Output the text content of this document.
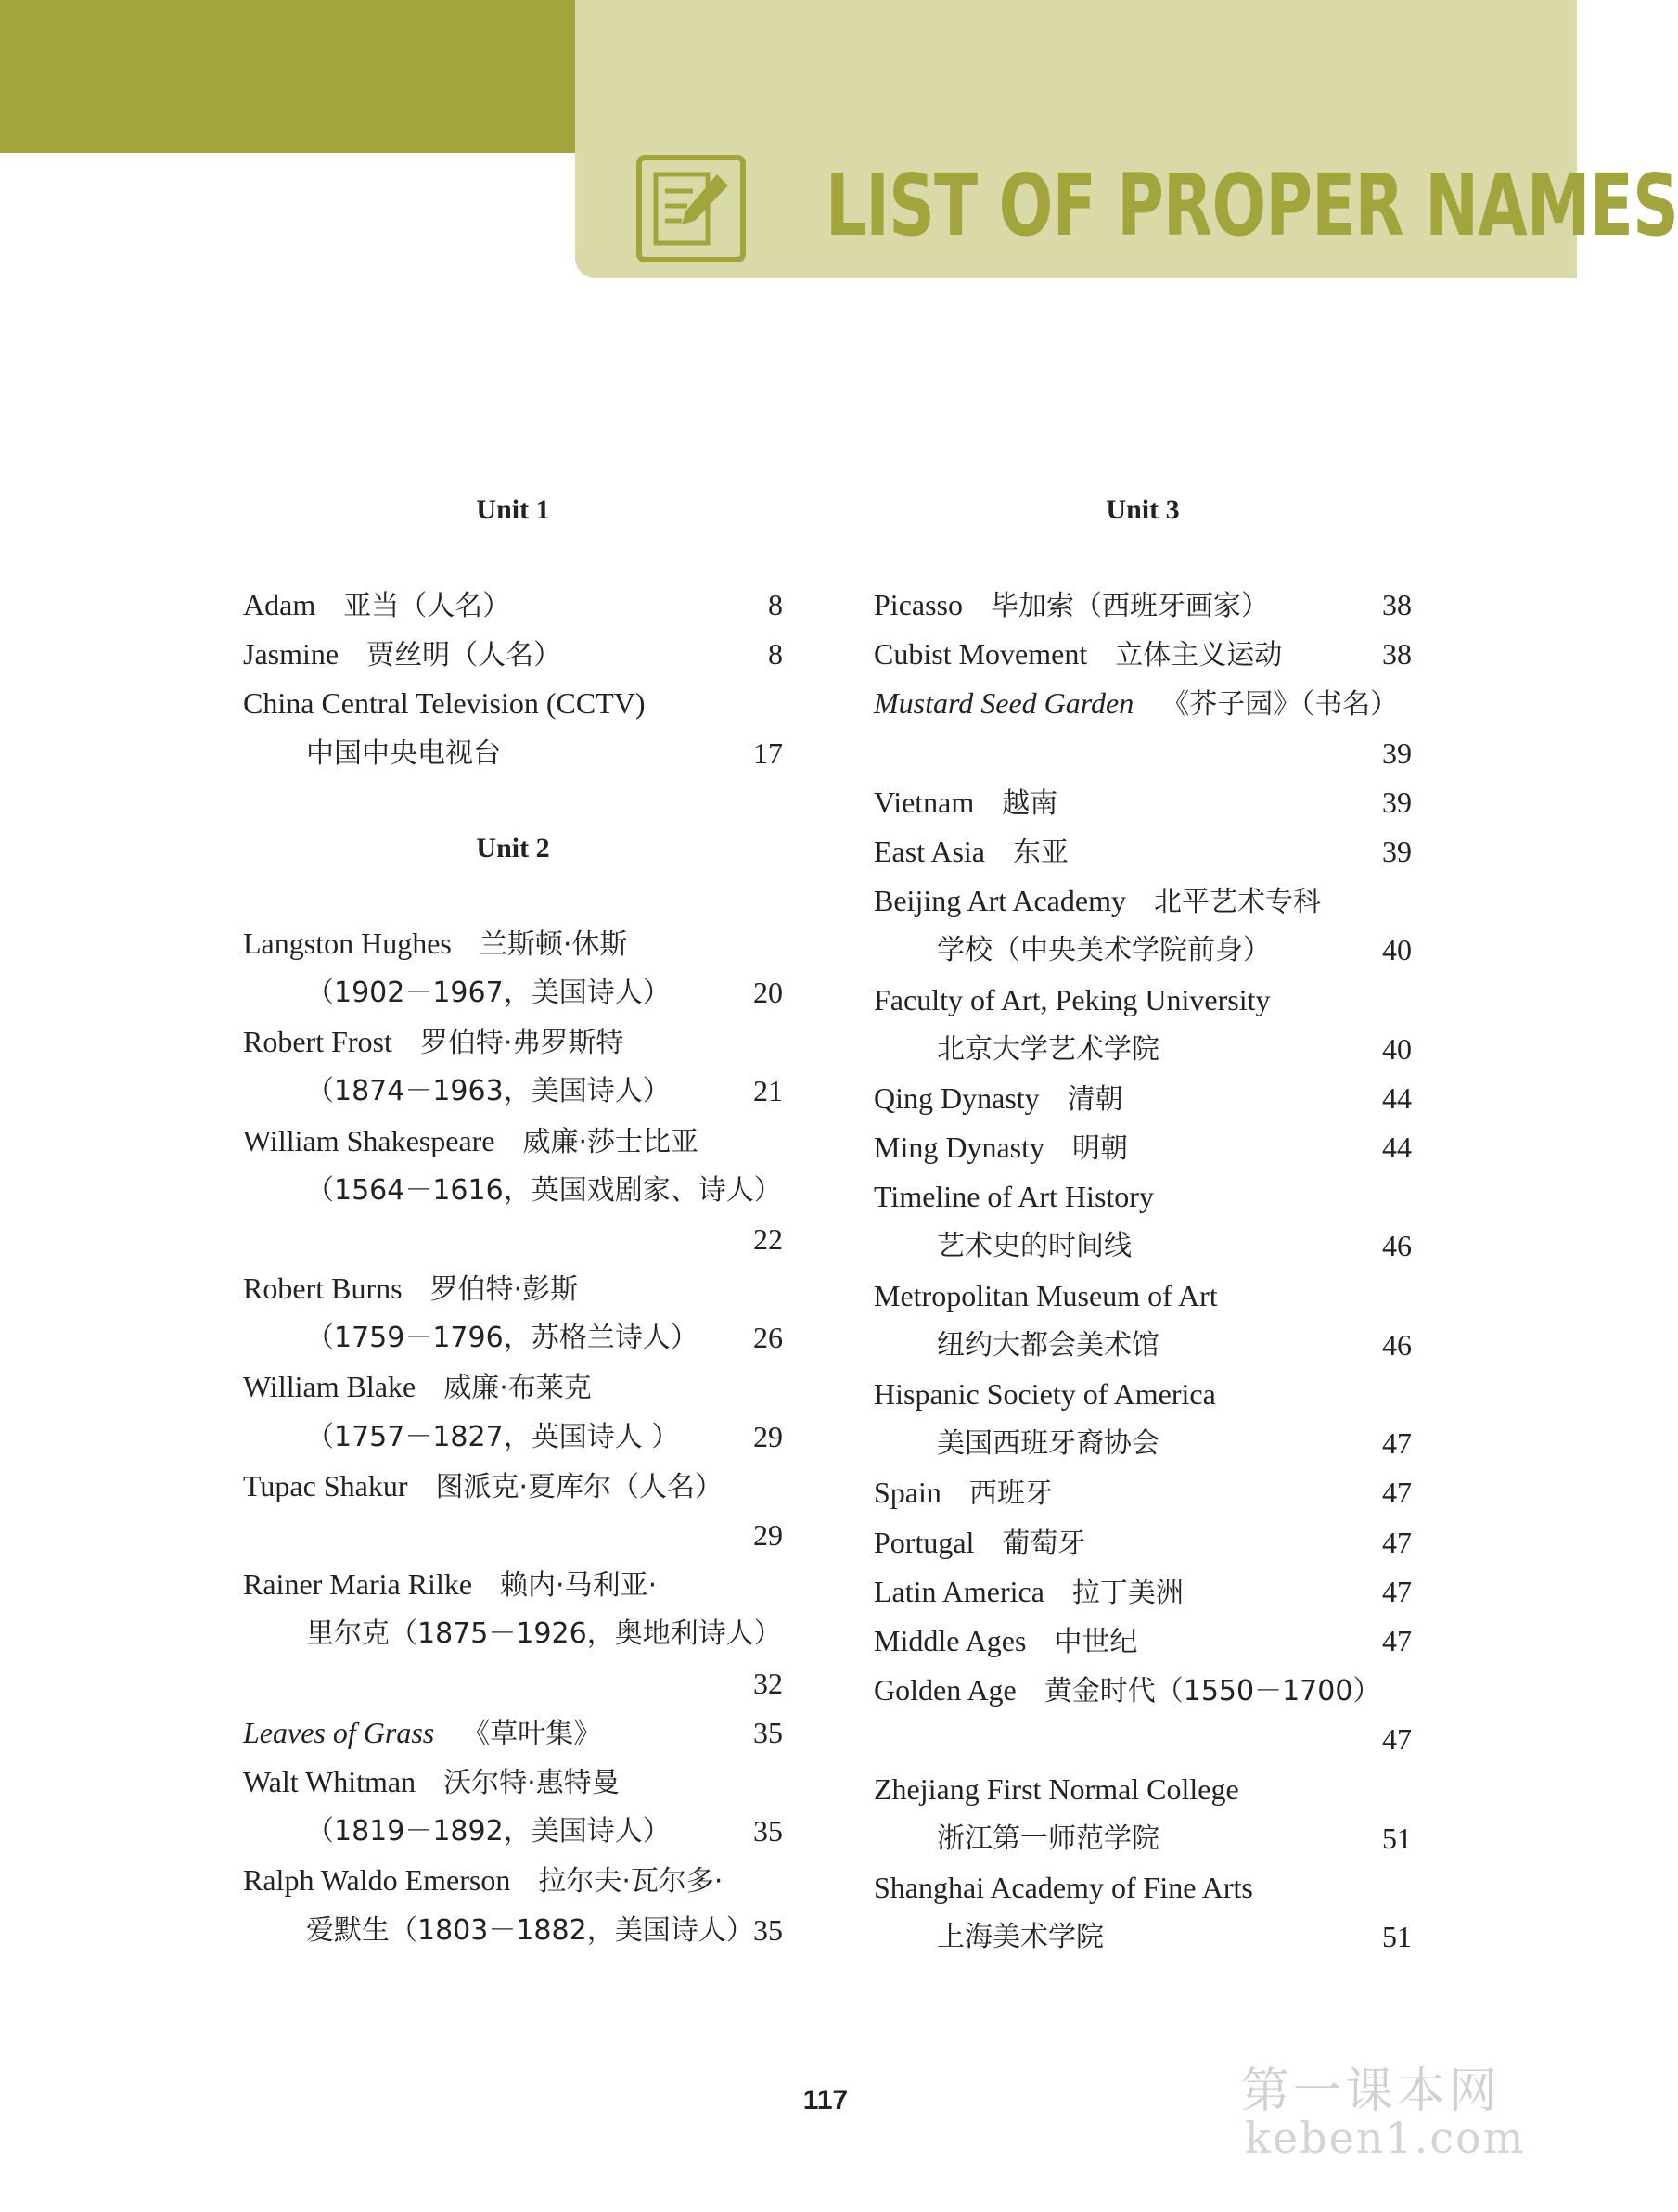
LIST OF PROPER NAMES
Unit 1
Adam 亚当（人名）	8
Jasmine 贾丝明（人名）	8
China Central Television (CCTV)
中国中央电视台	17
Unit 2
Langston Hughes 兰斯顿·休斯
（1902－1967，美国诗人）	20
Robert Frost 罗伯特·弗罗斯特
（1874－1963，美国诗人）	21
William Shakespeare 威廉·莎士比亚
（1564－1616，英国戏剧家、诗人）
22
Robert Burns 罗伯特·彭斯
（1759－1796，苏格兰诗人） 26
William Blake 威廉·布莱克
（1757－1827，英国诗人 ） 29
Tupac Shakur 图派克·夏库尔（人名）
29
Rainer Maria Rilke 赖内·马利亚·
里尔克（1875－1926，奥地利诗人）
32
Leaves of Grass 《草叶集》	35
Walt Whitman 沃尔特·惠特曼
（1819－1892，美国诗人）	35
Ralph Waldo Emerson 拉尔夫·瓦尔多·
爱默生（1803－1882，美国诗人） 35
Unit 3
Picasso 毕加索（西班牙画家）	38
Cubist Movement 立体主义运动	38
Mustard Seed Garden 《芥子园》（书名）
39
Vietnam 越南	39
East Asia 东亚	39
Beijing Art Academy 北平艺术专科
学校（中央美术学院前身）	40
Faculty of Art, Peking University
北京大学艺术学院	40
Qing Dynasty 清朝	44
Ming Dynasty 明朝	44
Timeline of Art History
艺术史的时间线	46
Metropolitan Museum of Art
纽约大都会美术馆	46
Hispanic Society of America
美国西班牙裔协会	47
Spain 西班牙	47
Portugal 葡萄牙	47
Latin America 拉丁美洲	47
Middle Ages 中世纪	47
Golden Age 黄金时代（1550－1700）
47
Zhejiang First Normal College
浙江第一师范学院	51
Shanghai Academy of Fine Arts
上海美术学院	51
117	第一课本网
keben1.com
